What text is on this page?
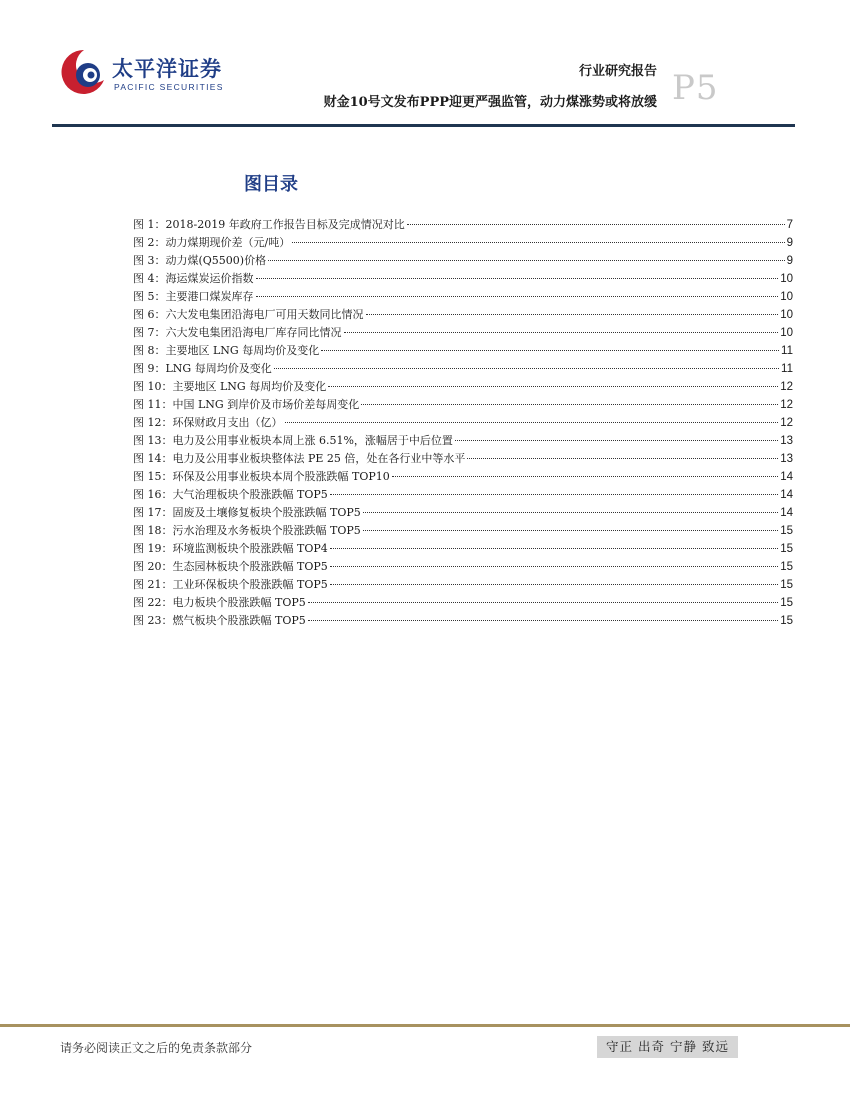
太平洋证券
PACIFIC SECURITIES
行业研究报告
财金10号文发布PPP迎更严强监管，动力煤涨势或将放缓 P5
图目录
图 1：2018-2019 年政府工作报告目标及完成情况对比	7
图 2：动力煤期现价差（元/吨）	9
图 3：动力煤(Q5500)价格	9
图 4：海运煤炭运价指数	10
图 5：主要港口煤炭库存	10
图 6：六大发电集团沿海电厂可用天数同比情况	10
图 7：六大发电集团沿海电厂库存同比情况	10
图 8：主要地区 LNG 每周均价及变化	11
图 9：LNG 每周均价及变化	11
图 10：主要地区 LNG 每周均价及变化	12
图 11：中国 LNG 到岸价及市场价差每周变化	12
图 12：环保财政月支出（亿）	12
图 13：电力及公用事业板块本周上涨 6.51%，涨幅居于中后位置	13
图 14：电力及公用事业板块整体法 PE 25 倍，处在各行业中等水平	13
图 15：环保及公用事业板块本周个股涨跌幅 TOP10	14
图 16：大气治理板块个股涨跌幅 TOP5	14
图 17：固废及土壤修复板块个股涨跌幅 TOP5	14
图 18：污水治理及水务板块个股涨跌幅 TOP5	15
图 19：环境监测板块个股涨跌幅 TOP4	15
图 20：生态园林板块个股涨跌幅 TOP5	15
图 21：工业环保板块个股涨跌幅 TOP5	15
图 22：电力板块个股涨跌幅 TOP5	15
图 23：燃气板块个股涨跌幅 TOP5	15
请务必阅读正文之后的免责条款部分	守正 出奇 宁静 致远
